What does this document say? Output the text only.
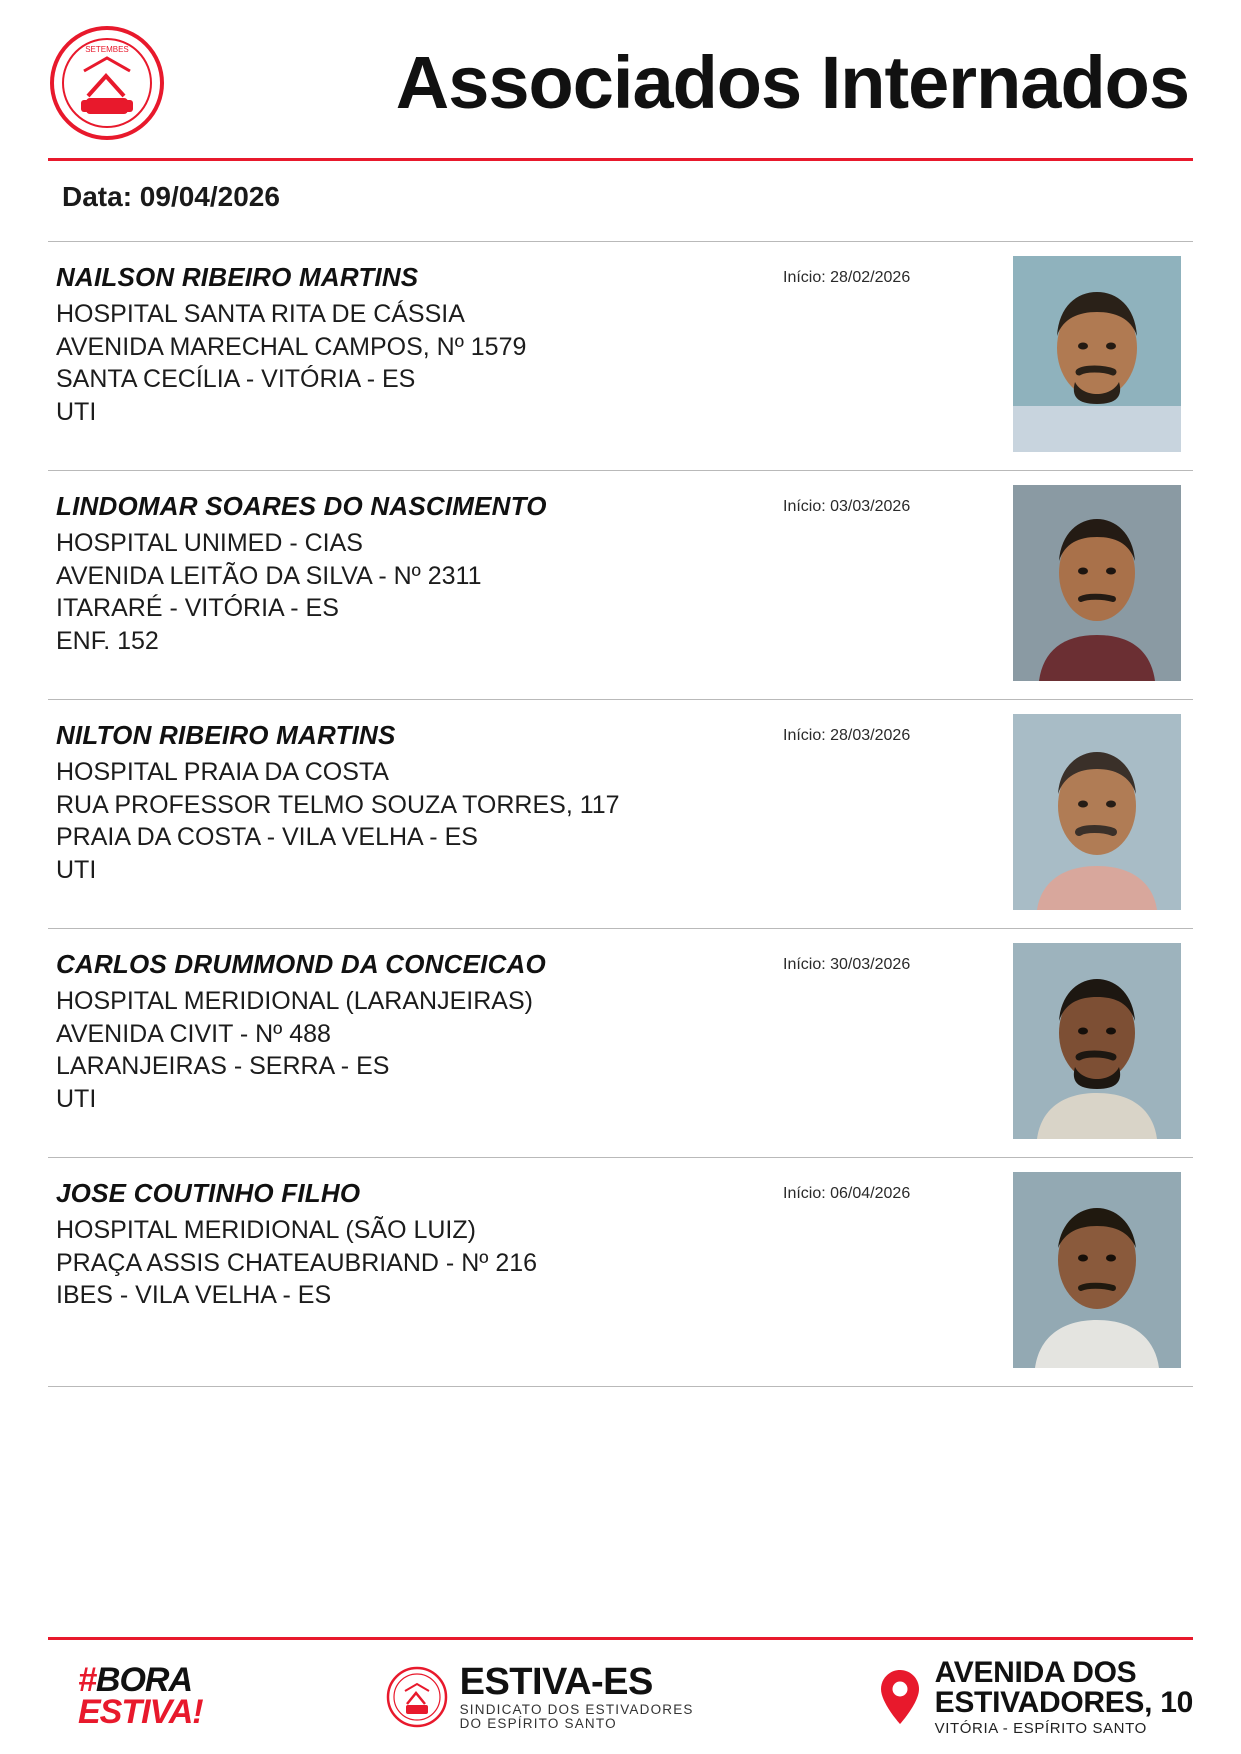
SETEMBES	Associados Internados
Data: 09/04/2026
NAILSON RIBEIRO MARTINS
HOSPITAL SANTA RITA DE CÁSSIA
AVENIDA MARECHAL CAMPOS, Nº 1579
SANTA CECÍLIA - VITÓRIA - ES
UTI
Início: 28/02/2026
LINDOMAR SOARES DO NASCIMENTO
HOSPITAL UNIMED - CIAS
AVENIDA LEITÃO DA SILVA - Nº 2311
ITARARÉ - VITÓRIA - ES
ENF. 152
Início: 03/03/2026
NILTON RIBEIRO MARTINS
HOSPITAL PRAIA DA COSTA
RUA PROFESSOR TELMO SOUZA TORRES, 117
PRAIA DA COSTA - VILA VELHA - ES
UTI
Início: 28/03/2026
CARLOS DRUMMOND DA CONCEICAO
HOSPITAL MERIDIONAL (LARANJEIRAS)
AVENIDA CIVIT - Nº 488
LARANJEIRAS - SERRA - ES
UTI
Início: 30/03/2026
JOSE COUTINHO FILHO
HOSPITAL MERIDIONAL (SÃO LUIZ)
PRAÇA ASSIS CHATEAUBRIAND - Nº 216
IBES - VILA VELHA - ES
Início: 06/04/2026
#BORA
ESTIVA!
ESTIVA-ES
SINDICATO DOS ESTIVADORES
DO ESPÍRITO SANTO
AVENIDA DOS
ESTIVADORES, 10
VITÓRIA - ESPÍRITO SANTO
